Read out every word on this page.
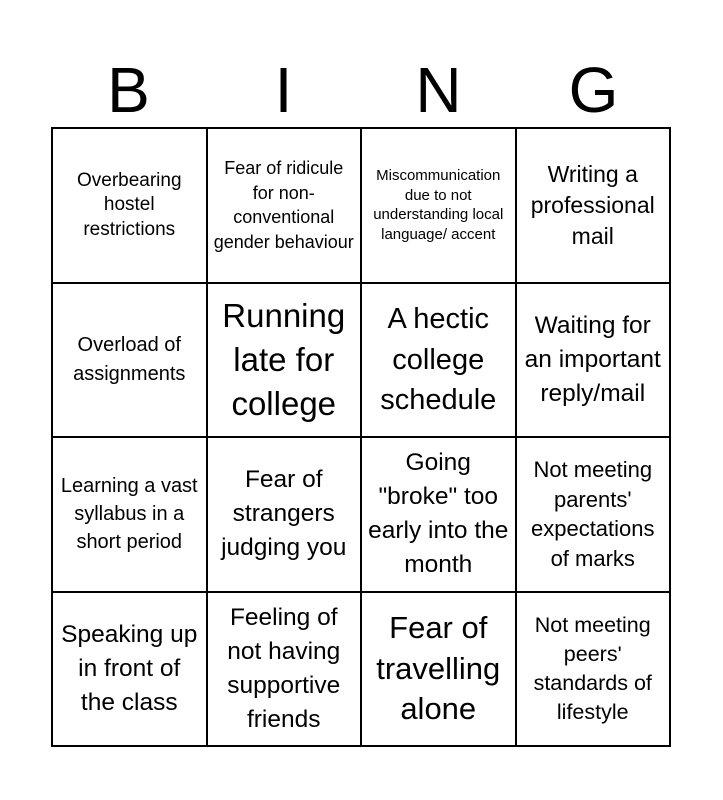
B	I	N	G
Overbearing hostel restrictions
Fear of ridicule for non-conventional gender behaviour
Miscommunication due to not understanding local language/ accent
Writing a professional mail
Overload of assignments
Running late for college
A hectic college schedule
Waiting for an important reply/mail
Learning a vast syllabus in a short period
Fear of strangers judging you
Going "broke" too early into the month
Not meeting parents' expectations of marks
Speaking up in front of the class
Feeling of not having supportive friends
Fear of travelling alone
Not meeting peers' standards of lifestyle
